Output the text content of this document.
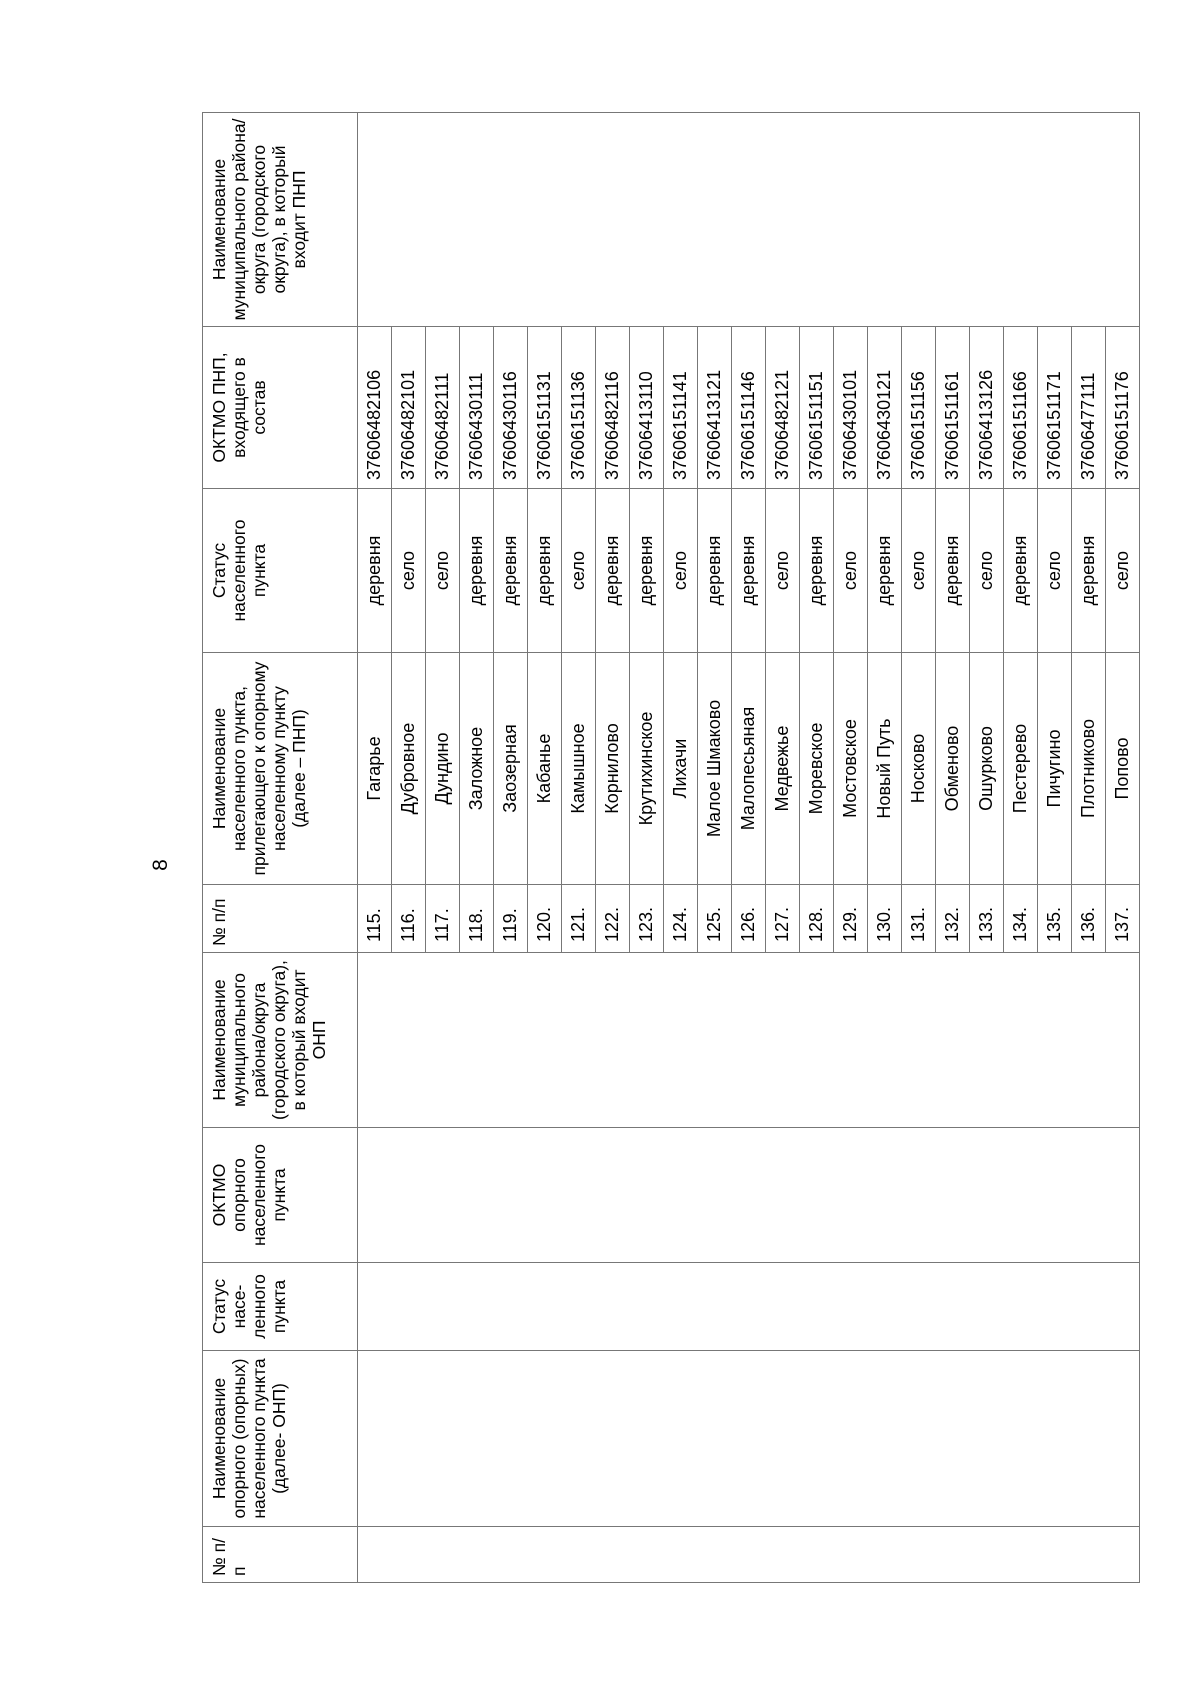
8
№ п/п	Наименование опорного (опорных) населенного пункта (далее- ОНП)	Статус насе- ленного пункта	ОКТМО опорного населенного пункта	Наименование муниципального района/округа (городского округа), в который входит ОНП	№ п/п	Наименование населенного пункта, прилегающего к опорному населенному пункту (далее – ПНП)	Статус населенного пункта	ОКТМО ПНП, входящего в состав	Наименование муниципального района/округа (городского округа), в который входит ПНП
					115.	Гагарье	деревня	37606482106	
					116.	Дубровное	село	37606482101	
					117.	Дундино	село	37606482111	
					118.	Заложное	деревня	37606430111	
					119.	Заозерная	деревня	37606430116	
					120.	Кабанье	деревня	37606151131	
					121.	Камышное	село	37606151136	
					122.	Корнилово	деревня	37606482116	
					123.	Крутихинское	деревня	37606413110	
					124.	Лихачи	село	37606151141	
					125.	Малое Шмаково	деревня	37606413121	
					126.	Малопесьяная	деревня	37606151146	
					127.	Медвежье	село	37606482121	
					128.	Моревское	деревня	37606151151	
					129.	Мостовское	село	37606430101	
					130.	Новый Путь	деревня	37606430121	
					131.	Носково	село	37606151156	
					132.	Обменово	деревня	37606151161	
					133.	Ошурково	село	37606413126	
					134.	Пестерево	деревня	37606151166	
					135.	Пичугино	село	37606151171	
					136.	Плотниково	деревня	37606477111	
					137.	Попово	село	37606151176	
